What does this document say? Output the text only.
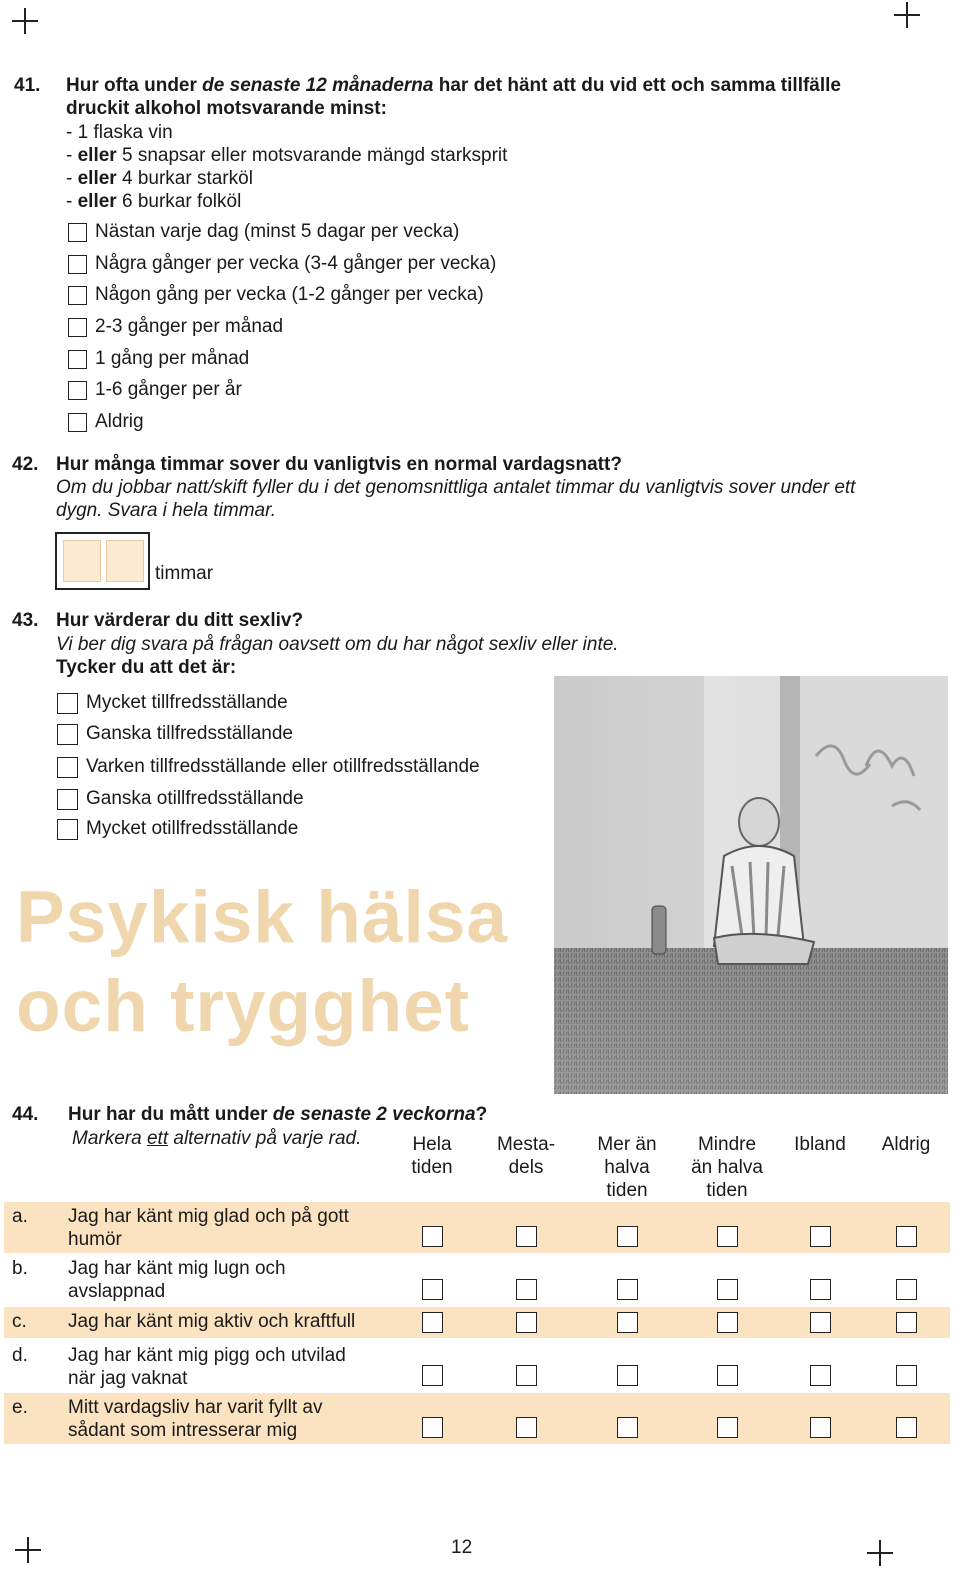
41. Hur ofta under de senaste 12 månaderna har det hänt att du vid ett och samma tillfälle
druckit alkohol motsvarande minst:
- 1 flaska vin
- eller 5 snapsar eller motsvarande mängd starksprit
- eller 4 burkar starköl
- eller 6 burkar folköl
Nästan varje dag (minst 5 dagar per vecka)
Några gånger per vecka (3-4 gånger per vecka)
Någon gång per vecka (1-2 gånger per vecka)
2-3 gånger per månad
1 gång per månad
1-6 gånger per år
Aldrig
42. Hur många timmar sover du vanligtvis en normal vardagsnatt?
Om du jobbar natt/skift fyller du i det genomsnittliga antalet timmar du vanligtvis sover under ett
dygn. Svara i hela timmar.
timmar
43. Hur värderar du ditt sexliv?
Vi ber dig svara på frågan oavsett om du har något sexliv eller inte.
Tycker du att det är:
Mycket tillfredsställande
Ganska tillfredsställande
Varken tillfredsställande eller otillfredsställande
Ganska otillfredsställande
Mycket otillfredsställande
Psykisk hälsa
och trygghet
44. Hur har du mått under de senaste 2 veckorna?
Markera ett alternativ på varje rad.	Hela
tiden
Mesta-
dels
Mer än
halva
tiden
Mindre
än halva
tiden
Ibland	Aldrig
a. Jag har känt mig glad och på gott
humör
b. Jag har känt mig lugn och
avslappnad
c. Jag har känt mig aktiv och kraftfull
d. Jag har känt mig pigg och utvilad
när jag vaknat
e. Mitt vardagsliv har varit fyllt av
sådant som intresserar mig
12
